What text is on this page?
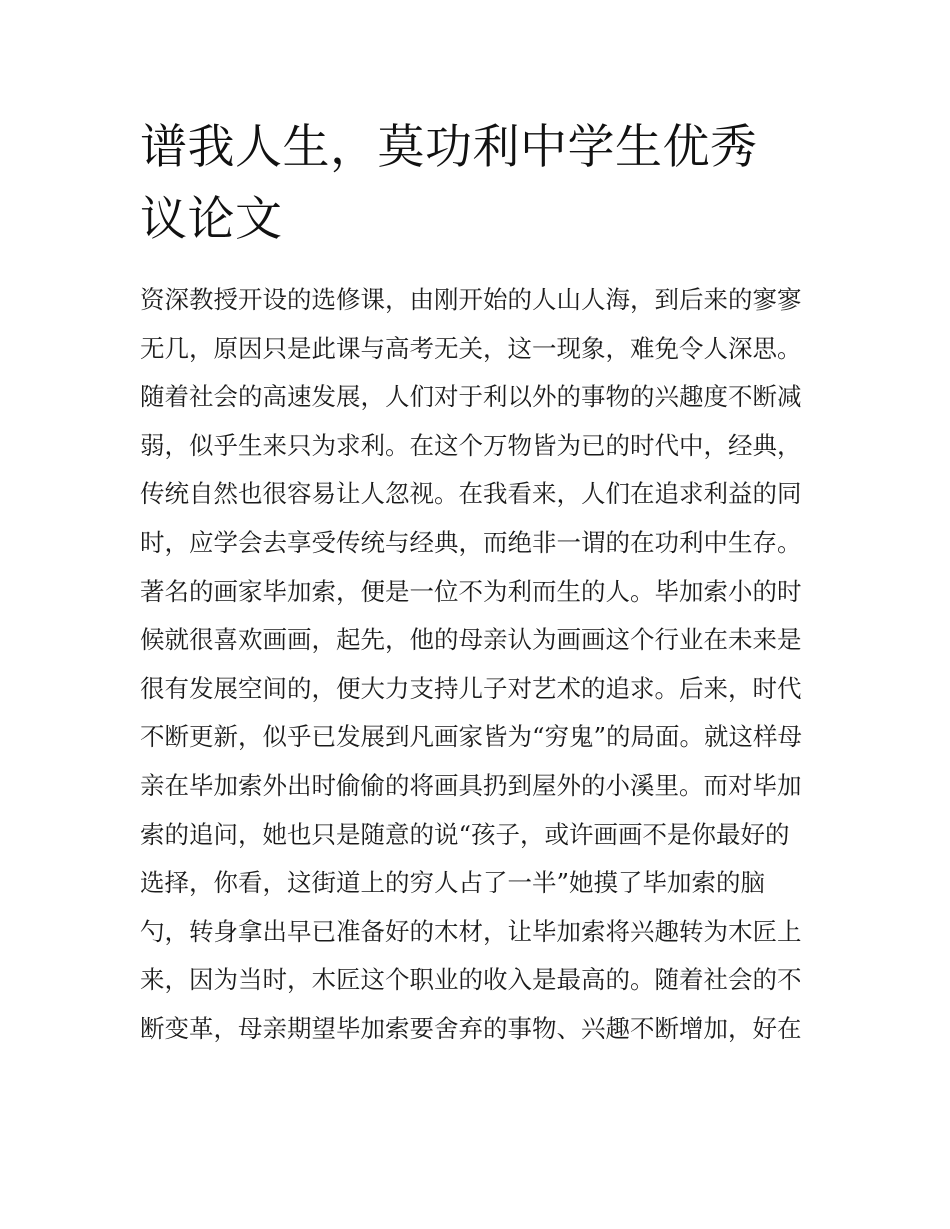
谱我人生，莫功利中学生优秀
议论文
资深教授开设的选修课，由刚开始的人山人海，到后来的寥寥
无几，原因只是此课与高考无关，这一现象，难免令人深思。
随着社会的高速发展，人们对于利以外的事物的兴趣度不断减
弱，似乎生来只为求利。在这个万物皆为已的时代中，经典，
传统自然也很容易让人忽视。在我看来，人们在追求利益的同
时，应学会去享受传统与经典，而绝非一谓的在功利中生存。
著名的画家毕加索，便是一位不为利而生的人。毕加索小的时
候就很喜欢画画，起先，他的母亲认为画画这个行业在未来是
很有发展空间的，便大力支持儿子对艺术的追求。后来，时代
不断更新，似乎已发展到凡画家皆为“穷鬼”的局面。就这样母
亲在毕加索外出时偷偷的将画具扔到屋外的小溪里。而对毕加
索的追问，她也只是随意的说“孩子，或许画画不是你最好的
选择，你看，这街道上的穷人占了一半”她摸了毕加索的脑
勺，转身拿出早已准备好的木材，让毕加索将兴趣转为木匠上
来，因为当时，木匠这个职业的收入是最高的。随着社会的不
断变革，母亲期望毕加索要舍弃的事物、兴趣不断增加，好在
